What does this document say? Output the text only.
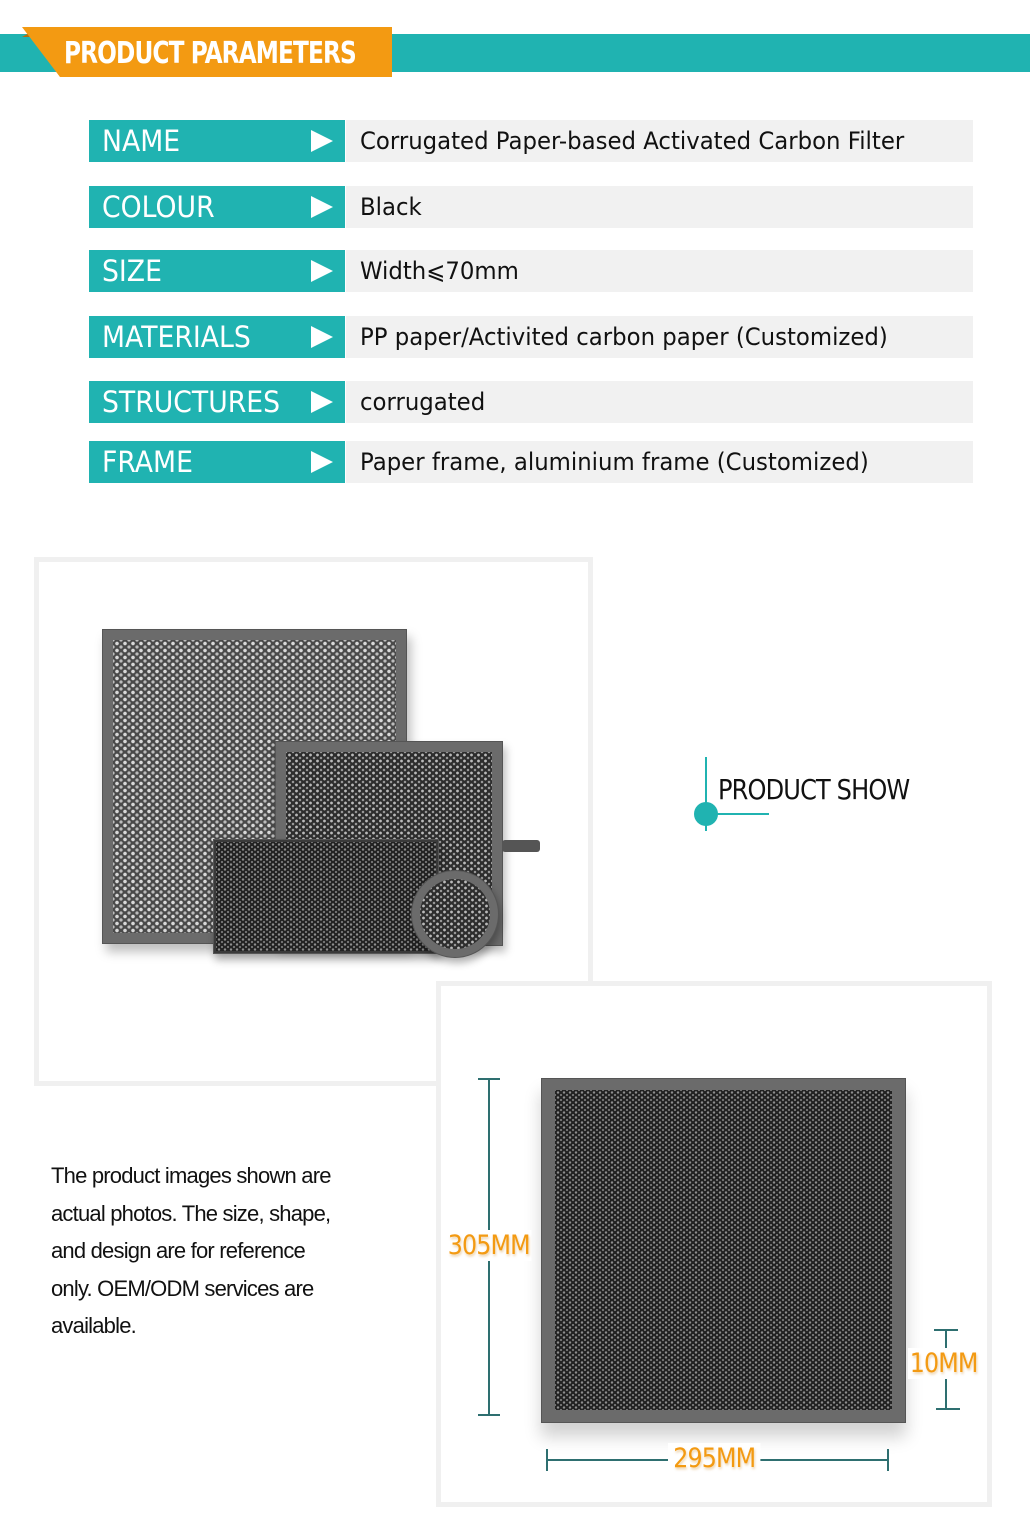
PRODUCT PARAMETERS
NAME	Corrugated Paper-based Activated Carbon Filter
COLOUR	Black
SIZE	Width⩽70mm
MATERIALS	PP paper/Activited carbon paper (Customized)
STRUCTURES	corrugated
FRAME	Paper frame, aluminium frame (Customized)
PRODUCT SHOW
The product images shown are actual photos. The size, shape, and design are for reference only. OEM/ODM services are available.
305MM
10MM
295MM
